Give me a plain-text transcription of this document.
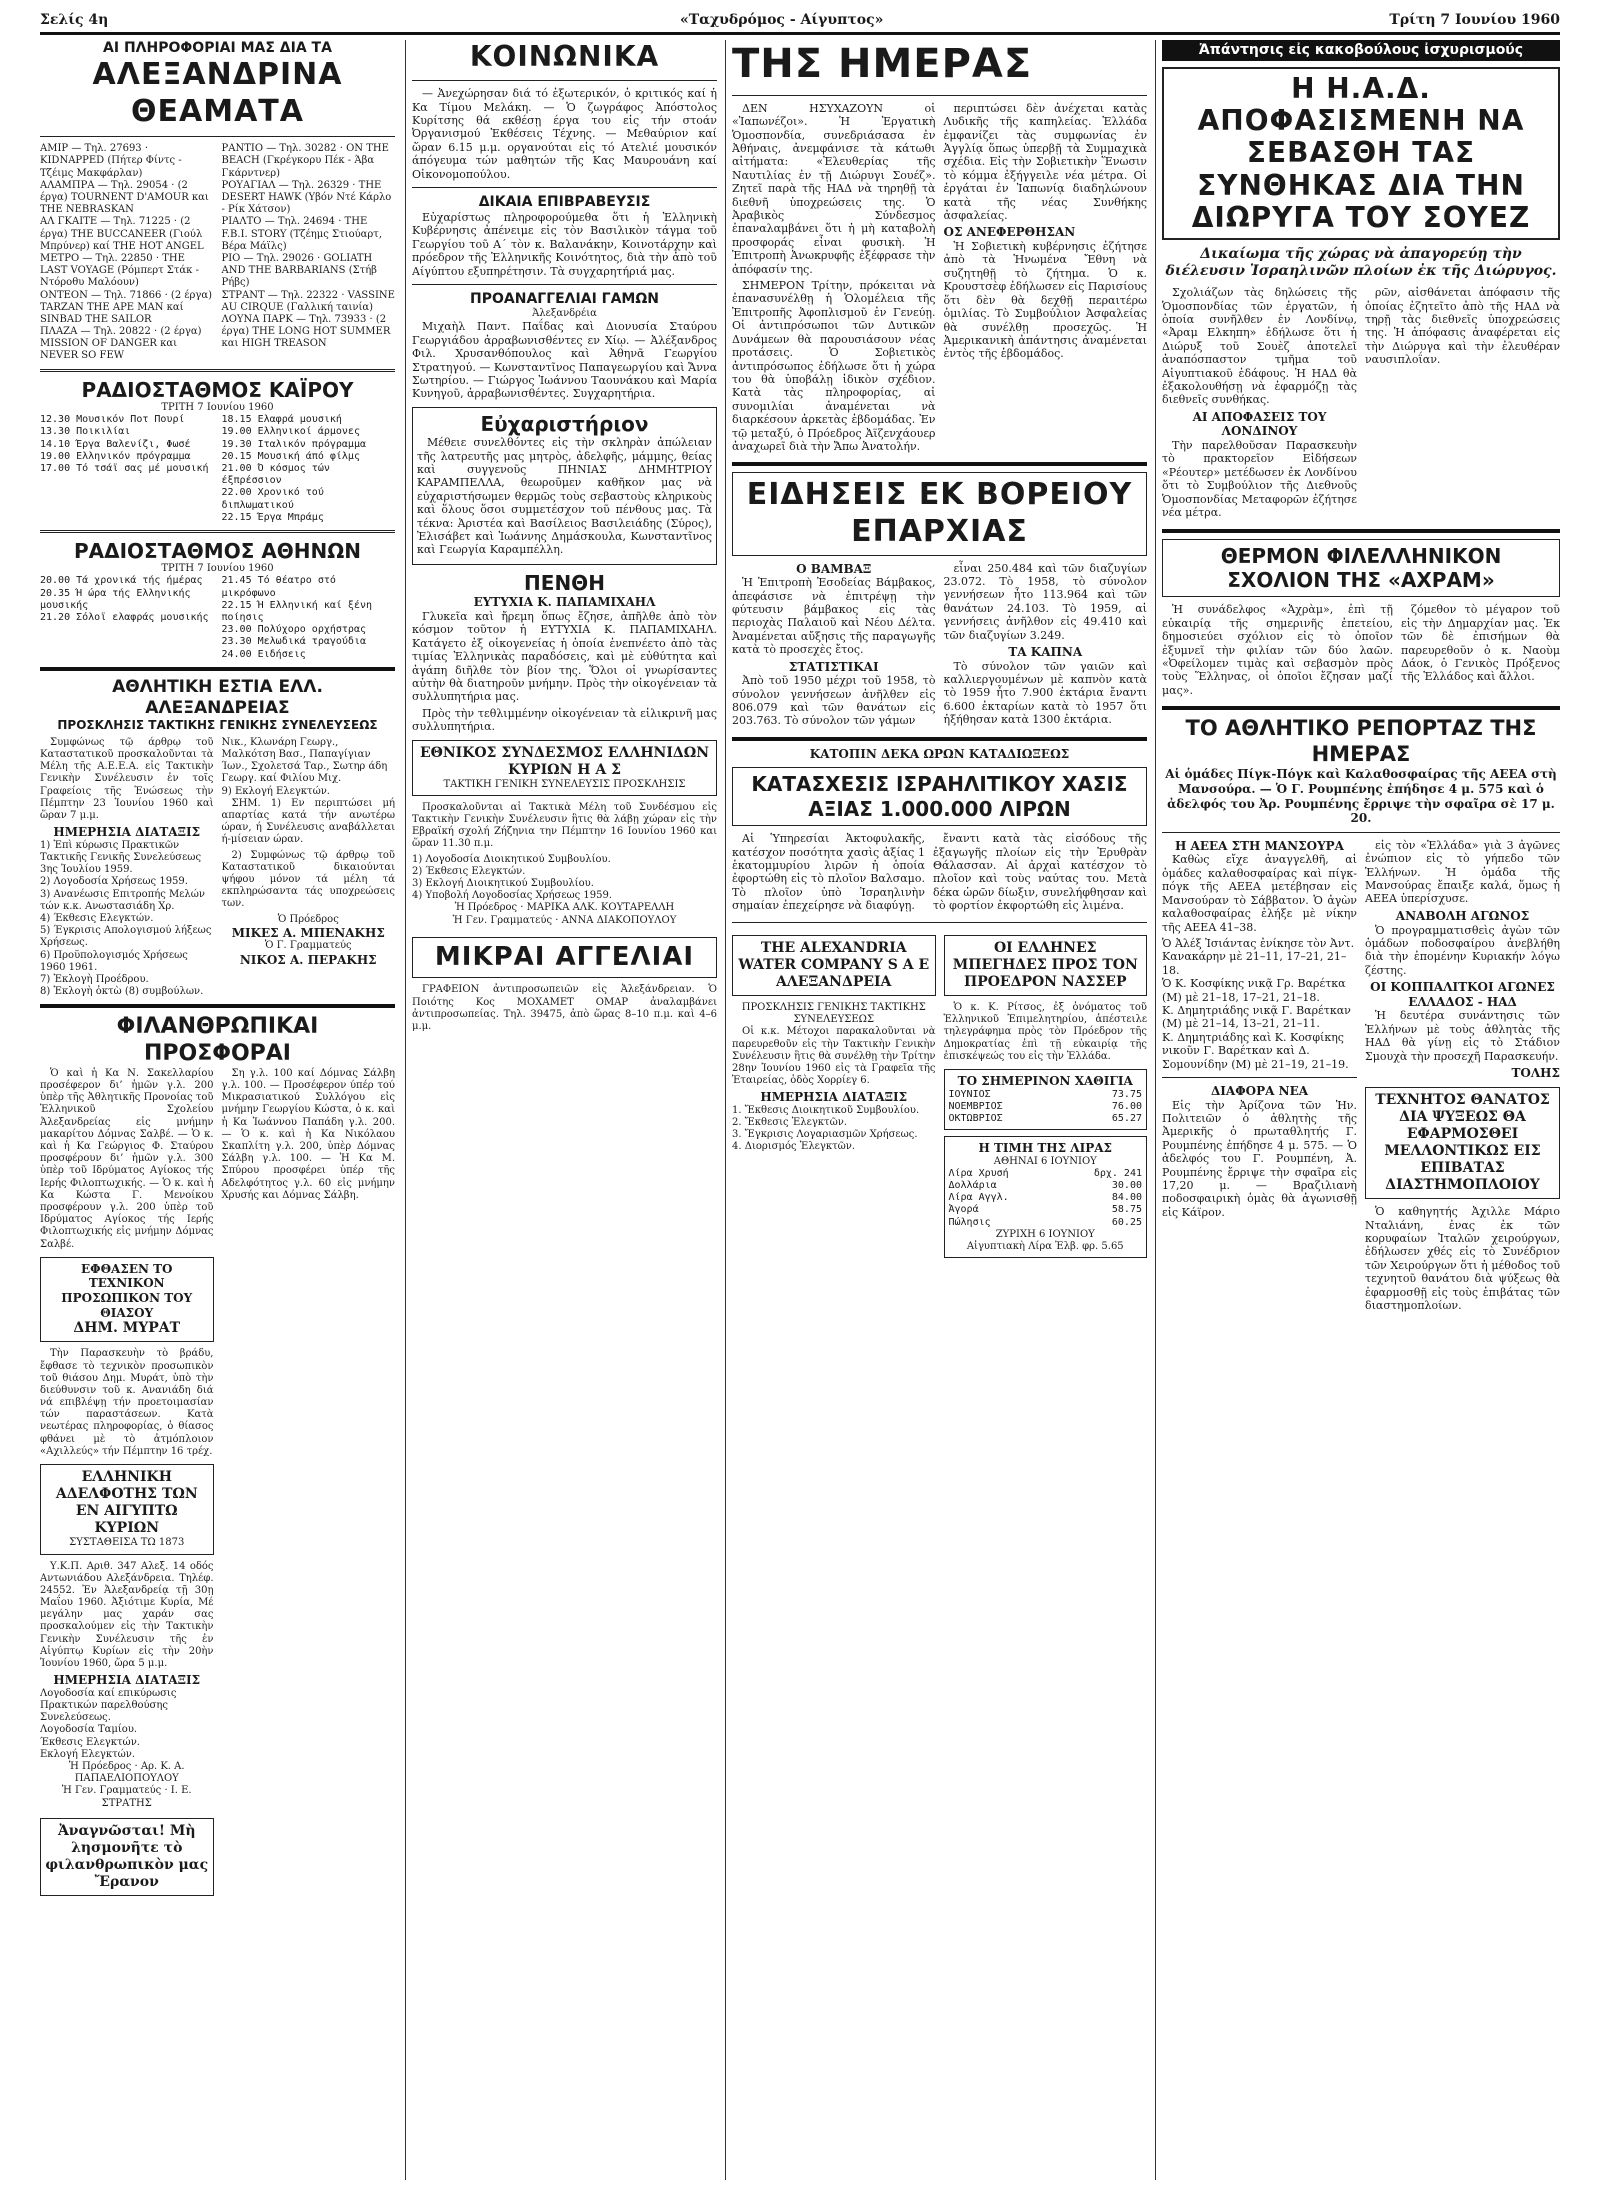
Σελίς 4η	«Ταχυδρόμος - Αίγυπτος»	Τρίτη 7 Ιουνίου 1960
ΑΙ ΠΛΗΡΟΦΟΡΙΑΙ ΜΑΣ ΔΙΑ ΤΑ
ΑΛΕΞΑΝΔΡΙΝΑ ΘΕΑΜΑΤΑ
ΑΜΙΡ — Τηλ. 27693 · KIDNAPPED (Πήτερ Φίντς - Τζέιμς Μακφάρλαν)
ΑΛΑΜΠΡΑ — Τηλ. 29054 · (2 έργα) TOURNENT D'AMOUR και THE NEBRASKAN
ΑΛ ΓΚΑΙΤΕ — Τηλ. 71225 · (2 έργα) THE BUCCANEER (Γιούλ Μπρύνερ) καί THE HOT ANGEL
ΜΕΤΡΟ — Τηλ. 22850 · THE LAST VOYAGE (Ρόμπερτ Στάκ - Ντόροθυ Μαλόουν)
ΟΝΤΕΟΝ — Τηλ. 71866 · (2 έργα) TARZAN THE APE MAN καί SINBAD THE SAILOR
ΠΛΑΖΑ — Τηλ. 20822 · (2 έργα) MISSION OF DANGER και NEVER SO FEW
ΡΑΝΤΙΟ — Τηλ. 30282 · ON THE BEACH (Γκρέγκορυ Πέκ - Άβα Γκάρντνερ)
ΡΟΥΑΓΙΑΛ — Τηλ. 26329 · THE DESERT HAWK (Υβόν Ντέ Κάρλο - Ρίκ Χάτσον)
ΡΙΑΛΤΟ — Τηλ. 24694 · THE F.B.I. STORY (Τζέημς Στιούαρτ, Βέρα Μάϊλς)
ΡΙΟ — Τηλ. 29026 · GOLIATH AND THE BARBARIANS (Στήβ Ρήβς)
ΣΤΡΑΝΤ — Τηλ. 22322 · VASSINE AU CIRQUE (Γαλλική ταινία)
ΛΟΥΝΑ ΠΑΡΚ — Τηλ. 73933 · (2 έργα) THE LONG HOT SUMMER και HIGH TREASON
ΡΑΔΙΟΣΤΑΘΜΟΣ ΚΑΪΡΟΥ
ΤΡΙΤΗ 7 Ιουνίου 1960
12.30 Μουσικόν Ποτ Πουρί
13.30 Ποικιλίαι
14.10 Έργα Βαλενίζι, Φωσέ
19.00 Ελληνικόν πρόγραμμα
17.00 Τό τσάϊ σας μέ μουσική
18.15 Ελαφρά μουσική
19.00 Ελληνικοί άρμονες
19.30 Ιταλικόν πρόγραμμα
20.15 Μουσική άπό φίλμς
21.00 Ό κόσμος τών έξπρέσσιον
22.00 Χρονικό τού διπλωματικού
22.15 Έργα Μπράμς
ΡΑΔΙΟΣΤΑΘΜΟΣ ΑΘΗΝΩΝ
ΤΡΙΤΗ 7 Ιουνίου 1960
20.00 Τά χρονικά τής ήμέρας
20.35 Ή ώρα τής Ελληνικής μουσικής
21.20 Σόλοϊ ελαφράς μουσικής
21.45 Τό θέατρο στό μικρόφωνο
22.15 Ή Ελληνική καί ξένη ποίησις
23.00 Πολύχορο ορχήστρας
23.30 Μελωδικά τραγούδια
24.00 Ειδήσεις
ΑΘΛΗΤΙΚΗ ΕΣΤΙΑ ΕΛΛ. ΑΛΕΞΑΝΔΡΕΙΑΣ
ΠΡΟΣΚΛΗΣΙΣ ΤΑΚΤΙΚΗΣ ΓΕΝΙΚΗΣ ΣΥΝΕΛΕΥΣΕΩΣ

Συμφώνως τῷ άρθρῳ τοῦ Καταστατικοῦ προσκαλοῦνται τὰ Μέλη τῆς Α.Ε.Ε.Α. εἰς Τακτικὴν Γενικὴν Συνέλευσιν ἐν τοῖς Γραφείοις τῆς Ἑνώσεως τὴν Πέμπτην 23 Ἰουνίου 1960 καὶ ὥραν 7 μ.μ.

ΗΜΕΡΗΣΙΑ ΔΙΑΤΑΞΙΣ
1) Ἐπὶ κύρωσις Πρακτικῶν Τακτικῆς Γενικῆς Συνελεύσεως 3ης Ἰουλίου 1959.
2) Λογοδοσία Χρήσεως 1959.
3) Ανανέωσις Επιτροπής Μελών τών κ.κ. Ανωστασιάδη Χρ.
4) Έκθεσις Ελεγκτών.
5) Έγκρισις Απολογισμού λήξεως Χρήσεως.
6) Προϋπολογισμός Χρήσεως 1960 1961.
7) Ἐκλογὴ Προέδρου.
8) Ἐκλογὴ ὀκτὼ (8) συμβούλων.
Νικ., Κλωνάρη Γεωργ., Μαλκότση Βασ., Παπαγίγιαν Ίων., Σχολετσά Ταρ., Σωτηρ άδη Γεωργ. καί Φιλίου Μιχ.
9) Εκλογή Ελεγκτών.

ΣΗΜ. 1) Εν περιπτώσει μή απαρτίας κατά τήν ανωτέρω ώραν, ή Συνέλευσις αναβάλλεται ή-μίσειαν ώραν.

2) Συμφώνως τῷ άρθρῳ τοῦ Καταστατικοῦ δικαιούνται ψήφου μόνον τά μέλη τά εκπληρώσαντα τάς υποχρεώσεις των.

Ὁ Πρόεδρος
ΜΙΚΕΣ Α. ΜΠΕΝΑΚΗΣ
Ὁ Γ. Γραμματεύς
ΝΙΚΟΣ Α. ΠΕΡΑΚΗΣ
ΦΙΛΑΝΘΡΩΠΙΚΑΙ ΠΡΟΣΦΟΡΑΙ

Ὁ καὶ ἡ Κα Ν. Σακελλαρίου προσέφερον δι’ ἡμῶν γ.λ. 200 ὑπὲρ τῆς Ἀθλητικῆς Προνοίας τοῦ Ἑλληνικοῦ Σχολείου Ἀλεξανδρείας εἰς μνήμην μακαρίτου Δόμνας Σαλβέ. — Ὁ κ. καὶ ἡ Κα Γεώργιος Φ. Σταύρου προσφέρουν δι’ ἡμῶν γ.λ. 300 ὑπὲρ τοῦ Ιδρύματος Αγίοκος τής Ιερής Φιλοπτωχικής. — Ὁ κ. καὶ ἡ Κα Κώστα Γ. Μενοίκου προσφέρουν γ.λ. 200 ὑπὲρ τοῦ Ιδρύματος Αγίοκος τής Ιερής Φιλοπτωχικής εἰς μνήμην Δόμνας Σαλβέ.

ΕΦΘΑΣΕΝ ΤΟ ΤΕΧΝΙΚΟΝ ΠΡΟΣΩΠΙΚΟΝ ΤΟΥ ΘΙΑΣΟΥ
ΔΗΜ. ΜΥΡΑΤ

Τὴν Παρασκευὴν τὸ βράδυ, ἔφθασε τὸ τεχνικὸν προσωπικὸν τοῦ θιάσου Δημ. Μυράτ, ὑπὸ τὴν διεύθυνσιν τοῦ κ. Ανανιάδη διά νά επιβλέψῃ τήν προετοιμασίαν τών παραστάσεων. Κατὰ νεωτέρας πληροφορίας, ὁ θίασος φθάνει μὲ τὸ ἀτμόπλοιον «Αχιλλεύς» τήν Πέμπτην 16 τρέχ.

ΕΛΛΗΝΙΚΗ ΑΔΕΛΦΟΤΗΣ ΤΩΝ ΕΝ ΑΙΓΥΠΤΩ ΚΥΡΙΩΝ
ΣΥΣΤΑΘΕΙΣΑ ΤΩ 1873

Υ.Κ.Π. Αριθ. 347 Αλεξ. 14 οδός Αντωνιάδου Αλεξάνδρεια. Τηλέφ. 24552. Ἐν Ἀλεξανδρείᾳ τῇ 30ῃ Μαΐου 1960. Ἀξιότιμε Κυρία, Μέ μεγάλην μας χαράν σας προσκαλούμεν εἰς τὴν Τακτικὴν Γενικὴν Συνέλευσιν τῆς ἐν Αἰγύπτῳ Κυρίων εἰς τὴν 20ὴν Ἰουνίου 1960, ὥρα 5 μ.μ.

ΗΜΕΡΗΣΙΑ ΔΙΑΤΑΞΙΣ
Λογοδοσία καί επικύρωσις Πρακτικών παρελθούσης Συνελεύσεως.
Λογοδοσία Ταμίου.
Έκθεσις Ελεγκτών.
Εκλογή Ελεγκτών.
Ἡ Πρόεδρος · Αρ. Κ. Α. ΠΑΠΑΕΛΙΟΠΟΥΛΟΥ
Ἡ Γεν. Γραμματεύς · Ι. Ε. ΣΤΡΑΤΗΣ
Ἀναγνῶσται! Μὴ λησμονῆτε τὸ φιλανθρωπικὸν μας Ἔρανον

Ση γ.λ. 100 καί Δόμνας Σάλβη γ.λ. 100. — Προσέφερον ύπέρ τού Μικρασιατικού Συλλόγου εἰς μνήμην Γεωργίου Κώστα, ὁ κ. καὶ ἡ Κα Ἰωάννου Παπάδη γ.λ. 200. — Ὁ κ. καὶ ἡ Κα Νικόλαου Σκαπλίτη γ.λ. 200, ὑπὲρ Δόμνας Σάλβη γ.λ. 100. — Ἡ Κα Μ. Σπύρου προσφέρει ὑπέρ τῆς Αδελφότητος γ.λ. 60 εἰς μνήμην Χρυσής και Δόμνας Σάλβη.

ΚΟΙΝΩΝΙΚΑ

— Ἀνεχώρησαν διά τό ἐξωτερικόν, ὁ κριτικός καί ἡ Κα Τίμου Μελάκη. — Ὁ ζωγράφος Ἀπόστολος Κυρίτσης θά εκθέσῃ έργα του εἰς τήν στοάν Ὀργανισμού Ἐκθέσεις Τέχνης. — Μεθαύριον καί ὥραν 6.15 μ.μ. οργανούται εἰς τό Ατελιέ μουσικόν άπόγευμα τών μαθητών τῆς Κας Μαυρουάνη καί Οἰκονομοπούλου.

ΔΙΚΑΙΑ ΕΠΙΒΡΑΒΕΥΣΙΣ

Εὐχαρίστως πληροφορούμεθα ὅτι ἡ Ἑλληνικὴ Κυβέρνησις ἀπένειμε εἰς τὸν Βασιλικὸν τάγμα τοῦ Γεωργίου τοῦ Α΄ τὸν κ. Βαλανάκην, Κοινοτάρχην καὶ πρόεδρον τῆς Ἑλληνικῆς Κοινότητος, διὰ τὴν ἀπὸ τοῦ Αίγύπτου εξυπηρέτησιν. Τὰ συγχαρητήριά μας.

ΠΡΟΑΝΑΓΓΕΛΙΑΙ ΓΑΜΩΝ
Ἀλεξανδρέια

Μιχαὴλ Παντ. Παΐδας καὶ Διονυσία Σταύρου Γεωργιάδου ἀρραβωνισθέντες εν Χίῳ. — Ἀλέξανδρος Φιλ. Χρυσανθόπουλος καὶ Ἀθηνᾶ Γεωργίου Στρατηγού. — Κωνσταντῖνος Παπαγεωργίου καὶ Ἄννα Σωτηρίου. — Γιώργος Ἰωάννου Ταουνάκου καὶ Μαρία Κυνηγοῦ, ἀρραβωνισθέντες. Συγχαρητήρια.

Εὐχαριστήριον

Μέθειε συνελθόντες εἰς τὴν σκληρὰν ἀπώλειαν τῆς λατρευτῆς μας μητρὸς, ἀδελφῆς, μάμμης, θείας καὶ συγγενοῦς ΠΗΝΙΑΣ ΔΗΜΗΤΡΙΟΥ ΚΑΡΑΜΠΕΛΛΑ, θεωροῦμεν καθῆκον μας νὰ εὐχαριστήσωμεν θερμῶς τοὺς σεβαστοὺς κληρικοὺς καὶ ὅλους ὅσοι συμμετέσχον τοῦ πένθους μας. Τὰ τέκνα: Ἀριστέα καὶ Βασίλειος Βασιλειάδης (Σύρος), Ἐλισάβετ καὶ Ἰωάννης Δημάσκουλα, Κωνσταντῖνος καὶ Γεωργία Καραμπέλλη.

ΠΕΝΘΗ
ΕΥΤΥΧΙΑ Κ. ΠΑΠΑΜΙΧΑΗΛ

Γλυκεῖα καὶ ἤρεμη ὅπως ἔζησε, ἀπῆλθε ἀπὸ τὸν κόσμον τοῦτον ἡ ΕΥΤΥΧΙΑ Κ. ΠΑΠΑΜΙΧΑΗΛ. Κατάγετο ἐξ οἰκογενείας ἡ ὁποία ἐνεπνέετο ἀπὸ τὰς τιμίας Ἑλληνικὰς παραδόσεις, καὶ μὲ εὐθύτητα καὶ ἀγάπη διῆλθε τὸν βίον της. Ὅλοι οἱ γνωρίσαντες αὐτὴν θὰ διατηροῦν μνήμην. Πρὸς τὴν οἰκογένειαν τὰ συλλυπητήρια μας.

Πρὸς τὴν τεθλιμμένην οἰκογένειαν τὰ εἰλικρινῆ μας συλλυπητήρια.

ΕΘΝΙΚΟΣ ΣΥΝΔΕΣΜΟΣ ΕΛΛΗΝΙΔΩΝ ΚΥΡΙΩΝ Η Α Σ
ΤΑΚΤΙΚΗ ΓΕΝΙΚΗ ΣΥΝΕΛΕΥΣΙΣ ΠΡΟΣΚΛΗΣΙΣ

Προσκαλοῦνται αἱ Τακτικὰ Μέλη τοῦ Συνδέσμου εἰς Τακτικὴν Γενικὴν Συνέλευσιν ἣτις θὰ λάβῃ χώραν εἰς τὴν Εβραϊκή σχολή Ζήζηνια την Πέμπτην 16 Ιουνίου 1960 και ὥραν 11.30 π.μ.

1) Λογοδοσία Διοικητικού Συμβουλίου.
2) Έκθεσις Ελεγκτών.
3) Εκλογή Διοικητικού Συμβουλίου.
4) Υποβολή Λογοδοσίας Χρήσεως 1959.
Ἡ Πρόεδρος · ΜΑΡΙΚΑ ΑΛΚ. ΚΟΥΤΑΡΕΛΛΗ
Ἡ Γεν. Γραμματεύς · ΑΝΝΑ ΔΙΑΚΟΠΟΥΛΟΥ
ΜΙΚΡΑΙ ΑΓΓΕΛΙΑΙ

ΓΡΑΦΕΙΟΝ ἀντιπροσωπειῶν εἰς Ἀλεξάνδρειαν. Ὁ Ποιότης Κος ΜΟΧΑΜΕΤ ΟΜΑΡ ἀναλαμβάνει ἀντιπροσωπείας. Τηλ. 39475, ἀπὸ ὥρας 8–10 π.μ. καὶ 4–6 μ.μ.

ΤΗΣ ΗΜΕΡΑΣ

ΔΕΝ ΗΣΥΧΑΖΟΥΝ οἱ «Ἱαπωνέζοι». Ἡ Ἐργατικὴ Ὁμοσπονδία, συνεδριάσασα ἐν Ἀθήναις, ἀνεμφάνισε τὰ κάτωθι αἰτήματα: «Ἐλευθερίας τῆς Ναυτιλίας ἐν τῇ Διώρυγι Σουέζ». Ζητεῖ παρὰ τῆς ΗΑΔ νὰ τηρηθῇ τὰ διεθνῆ ὑποχρεώσεις της. Ὁ Ἀραβικὸς Σύνδεσμος ἐπαναλαμβάνει ὅτι ἡ μὴ καταβολὴ προσφοράς εἶναι φυσικὴ. Ἡ Ἐπιτροπὴ Ἀνωκρυφῆς ἐξέφρασε τὴν ἀπόφασίν της.

ΣΗΜΕΡΟΝ Τρίτην, πρόκειται νὰ ἐπανασυνέλθῃ ἡ Ὁλομέλεια τῆς Ἐπιτροπῆς Ἀφοπλισμοῦ ἐν Γενεύῃ. Οἱ ἀντιπρόσωποι τῶν Δυτικῶν Δυνάμεων θὰ παρουσιάσουν νέας προτάσεις. Ὁ Σοβιετικὸς ἀντιπρόσωπος ἐδήλωσε ὅτι ἡ χώρα του θὰ ὑποβάλῃ ἰδικὸν σχέδιον. Κατὰ τὰς πληροφορίας, αἱ συνομιλίαι ἀναμένεται νὰ διαρκέσουν ἀρκετὰς ἑβδομάδας. Ἐν τῷ μεταξύ, ὁ Πρόεδρος Ἀϊζενχάουερ ἀναχωρεῖ διὰ τὴν Ἄπω Ἀνατολήν.

περιπτώσει δὲν ἀνέχεται κατὰς Λυδικῆς τῆς καπηλείας. Ἑλλάδα ἐμφανίζει τὰς συμφωνίας ἐν Ἀγγλίᾳ ὅπως ὑπερβῇ τὰ Συμμαχικὰ σχέδια. Εἰς τὴν Σοβιετικὴν Ἕνωσιν τὸ κόμμα ἐξήγγειλε νέα μέτρα. Οἱ ἐργάται ἐν Ἰαπωνίᾳ διαδηλώνουν κατὰ τῆς νέας Συνθήκης ἀσφαλείας.

ΟΣ ΑΝΕΦΕΡΘΗΣΑΝ

Ἡ Σοβιετικὴ κυβέρνησις ἐζήτησε ἀπὸ τὰ Ἡνωμένα Ἔθνη νὰ συζητηθῇ τὸ ζήτημα. Ὁ κ. Κρουστσὲφ ἐδήλωσεν εἰς Παρισίους ὅτι δὲν θὰ δεχθῇ περαιτέρω ὁμιλίας. Τὸ Συμβούλιον Ἀσφαλείας θὰ συνέλθῃ προσεχῶς. Ἡ Ἀμερικανικὴ ἀπάντησις ἀναμένεται ἐντὸς τῆς ἑβδομάδος.

ΕΙΔΗΣΕΙΣ ΕΚ ΒΟΡΕΙΟΥ ΕΠΑΡΧΙΑΣ
Ο ΒΑΜΒΑΞ

Ἡ Ἐπιτροπὴ Ἐσοδείας Βάμβακος, ἀπεφάσισε νὰ ἐπιτρέψῃ τὴν φύτευσιν βάμβακος εἰς τὰς περιοχὰς Παλαιοῦ καὶ Νέου Δέλτα. Ἀναμένεται αὔξησις τῆς παραγωγῆς κατὰ τὸ προσεχὲς ἔτος.

ΣΤΑΤΙΣΤΙΚΑΙ

Ἀπὸ τοῦ 1950 μέχρι τοῦ 1958, τὸ σύνολον γεννήσεων ἀνῆλθεν εἰς 806.079 καὶ τῶν θανάτων εἰς 203.763. Τὸ σύνολον τῶν γάμων

εἶναι 250.484 καὶ τῶν διαζυγίων 23.072. Τὸ 1958, τὸ σύνολον γεννήσεων ἦτο 113.964 καὶ τῶν θανάτων 24.103. Τὸ 1959, αἱ γεννήσεις ἀνῆλθον εἰς 49.410 καὶ τῶν διαζυγίων 3.249.

ΤΑ ΚΑΠΝΑ

Τὸ σύνολον τῶν γαιῶν καὶ καλλιεργουμένων μὲ καπνὸν κατὰ τὸ 1959 ἦτο 7.900 ἐκτάρια ἔναντι 6.600 ἐκταρίων κατὰ τὸ 1957 ὅτι ἠξήθησαν κατὰ 1300 ἐκτάρια.

ΚΑΤΟΠΙΝ ΔΕΚΑ ΩΡΩΝ ΚΑΤΑΔΙΩΞΕΩΣ
ΚΑΤΑΣΧΕΣΙΣ ΙΣΡΑΗΛΙΤΙΚΟΥ ΧΑΣΙΣ ΑΞΙΑΣ 1.000.000 ΛΙΡΩΝ

Αἱ Ὑπηρεσίαι Ἀκτοφυλακῆς, κατέσχον ποσότητα χασὶς ἀξίας 1 ἑκατομμυρίου λιρῶν ἡ ὁποία ἐφορτώθη εἰς τὸ πλοῖον Βαλσαμο. Τὸ πλοῖον ὑπὸ Ἰσραηλινὴν σημαίαν ἐπεχείρησε νὰ διαφύγῃ.

ἔναντι κατὰ τὰς εἰσόδους τῆς ἐξαγωγῆς πλοίων εἰς τὴν Ἐρυθρὰν Θάλασσαν. Αἱ ἀρχαὶ κατέσχον τὸ πλοῖον καὶ τοὺς ναύτας του. Μετὰ δέκα ὡρῶν δίωξιν, συνελήφθησαν καὶ τὸ φορτίον ἐκφορτώθη εἰς λιμένα.

THE ALEXANDRIA WATER COMPANY S A E ΑΛΕΞΑΝΔΡΕΙΑ
ΠΡΟΣΚΛΗΣΙΣ ΓΕΝΙΚΗΣ ΤΑΚΤΙΚΗΣ ΣΥΝΕΛΕΥΣΕΩΣ

Οἱ κ.κ. Μέτοχοι παρακαλοῦνται νὰ παρευρεθοῦν εἰς τὴν Τακτικὴν Γενικὴν Συνέλευσιν ἣτις θὰ συνέλθῃ τὴν Τρίτην 28ην Ἰουνίου 1960 εἰς τὰ Γραφεῖα τῆς Ἑταιρείας, ὁδὸς Χορρίεγ 6.

ΗΜΕΡΗΣΙΑ ΔΙΑΤΑΞΙΣ
1. Ἔκθεσις Διοικητικοῦ Συμβουλίου.
2. Ἔκθεσις Ἐλεγκτῶν.
3. Ἔγκρισις Λογαριασμῶν Χρήσεως.
4. Διορισμός Ἐλεγκτῶν.
ΟΙ ΕΛΛΗΝΕΣ ΜΠΕΓΗΔΕΣ ΠΡΟΣ ΤΟΝ ΠΡΟΕΔΡΟΝ ΝΑΣΣΕΡ

Ὁ κ. Κ. Ρίτσος, ἐξ ὀνόματος τοῦ Ἑλληνικοῦ Ἐπιμελητηρίου, ἀπέστειλε τηλεγράφημα πρὸς τὸν Πρόεδρον τῆς Δημοκρατίας ἐπὶ τῇ εὐκαιρίᾳ τῆς ἐπισκέψεώς του εἰς τὴν Ἑλλάδα.

ΤΟ ΣΗΜΕΡΙΝΟΝ ΧΑΘΙΓΙΑ
ΙΟΥΝΙΟΣ	73.75
ΝΟΕΜΒΡΙΟΣ	76.00
ΟΚΤΩΒΡΙΟΣ	65.27
Η ΤΙΜΗ ΤΗΣ ΛΙΡΑΣ
ΑΘΗΝΑΙ 6 ΙΟΥΝΙΟΥ
Λίρα Χρυσή	δρχ. 241
Δολλάρια	30.00
Λίρα Αγγλ.	84.00
Ἀγορά	58.75
Πώλησις	60.25
ΖΥΡΙΧΗ 6 ΙΟΥΝΙΟΥ
Αἰγυπτιακὴ Λίρα Ἐλβ. φρ. 5.65
Ἀπάντησις εἰς κακοβούλους ἰσχυρισμούς
Η Η.Α.Δ. ΑΠΟΦΑΣΙΣΜΕΝΗ ΝΑ ΣΕΒΑΣΘΗ ΤΑΣ ΣΥΝΘΗΚΑΣ ΔΙΑ ΤΗΝ ΔΙΩΡΥΓΑ ΤΟΥ ΣΟΥΕΖ
Δικαίωμα τῆς χώρας νὰ ἀπαγορεύῃ τὴν διέλευσιν Ἰσραηλινῶν πλοίων ἐκ τῆς Διώρυγος.

Σχολιάζων τὰς δηλώσεις τῆς Ὁμοσπονδίας τῶν ἐργατῶν, ἡ ὁποία συνῆλθεν ἐν Λονδίνῳ, «Ἀραμ Ελκηπη» ἐδήλωσε ὅτι ἡ Διώρυξ τοῦ Σουὲζ ἀποτελεῖ ἀναπόσπαστον τμῆμα τοῦ Αἰγυπτιακοῦ ἐδάφους. Ἡ ΗΑΔ θὰ ἐξακολουθήσῃ νὰ ἐφαρμόζῃ τὰς διεθνεῖς συνθήκας.

ΑΙ ΑΠΟΦΑΣΕΙΣ ΤΟΥ ΛΟΝΔΙΝΟΥ

Τὴν παρελθοῦσαν Παρασκευὴν τὸ πρακτορεῖον Εἰδήσεων «Ρέουτερ» μετέδωσεν ἐκ Λονδίνου ὅτι τὸ Συμβούλιον τῆς Διεθνοῦς Ὁμοσπονδίας Μεταφορῶν ἐζήτησε νέα μέτρα.

ρῶν, αἰσθάνεται ἀπόφασιν τῆς ὁποίας ἐζητεῖτο ἀπὸ τῆς ΗΑΔ νὰ τηρῇ τὰς διεθνεῖς ὑποχρεώσεις της. Ἡ ἀπόφασις ἀναφέρεται εἰς τὴν Διώρυγα καὶ τὴν ἐλευθέραν ναυσιπλοΐαν.

ΘΕΡΜΟΝ ΦΙΛΕΛΛΗΝΙΚΟΝ ΣΧΟΛΙΟΝ ΤΗΣ «ΑΧΡΑΜ»

Ἡ συνάδελφος «Ἀχρὰμ», ἐπὶ τῇ εὐκαιρίᾳ τῆς σημερινῆς ἐπετείου, δημοσιεύει σχόλιον εἰς τὸ ὁποῖον ἐξυμνεῖ τὴν φιλίαν τῶν δύο λαῶν. «Ὀφείλομεν τιμὰς καὶ σεβασμὸν πρὸς τοὺς Ἕλληνας, οἱ ὁποῖοι ἔζησαν μαζί μας».

ζόμεθον τὸ μέγαρον τοῦ εἰς τὴν Δημαρχίαν μας. Ἐκ τῶν δὲ ἐπισήμων θὰ παρευρεθοῦν ὁ κ. Ναοὺμ Δάοκ, ὁ Γενικὸς Πρόξενος τῆς Ἑλλάδος καὶ ἄλλοι.

ΤΟ ΑΘΛΗΤΙΚΟ ΡΕΠΟΡΤΑΖ ΤΗΣ ΗΜΕΡΑΣ
Αἱ ὁμάδες Πίγκ-Πόγκ καὶ Καλαθοσφαίρας τῆς ΑΕΕΑ στὴ Μανσούρα. — Ὁ Γ. Ρουμπένης ἐπήδησε 4 μ. 575 καὶ ὁ ἀδελφός του Ἀρ. Ρουμπένης ἔρριψε τὴν σφαῖρα σὲ 17 μ. 20.
Η ΑΕΕΑ ΣΤΗ ΜΑΝΣΟΥΡΑ

Καθὼς εἴχε ἀναγγελθῆ, αἱ ὁμάδες καλαθοσφαίρας καὶ πίγκ-πόγκ τῆς ΑΕΕΑ μετέβησαν εἰς Μανσούραν τὸ Σάββατον. Ὁ ἀγὼν καλαθοσφαίρας ἐλήξε μὲ νίκην τῆς ΑΕΕΑ 41–38.

Ὁ Ἀλέξ Ἰσιάντας ἐνίκησε τὸν Ἀντ. Κανακάρην μὲ 21–11, 17–21, 21–18.
Ὁ Κ. Κοσφίκης νικᾷ Γρ. Βαρέτκα (Μ) μὲ 21–18, 17–21, 21–18.
Κ. Δημητριάδης νικᾷ Γ. Βαρέτκαν (Μ) μὲ 21–14, 13–21, 21–11.
Κ. Δημητριάδης καὶ Κ. Κοσφίκης νικοῦν Γ. Βαρέτκαν καὶ Δ. Σομουνίδην (Μ) μὲ 21–19, 21–19.
ΔΙΑΦΟΡΑ ΝΕΑ

Εἰς τὴν Ἀρίζονα τῶν Ἡν. Πολιτειῶν ὁ ἀθλητὴς τῆς Ἀμερικῆς ὁ πρωταθλητής Γ. Ρουμπένης ἐπήδησε 4 μ. 575. — Ὁ ἀδελφός του Γ. Ρουμπένη, Ἀ. Ρουμπένης ἔρριψε τὴν σφαῖρα εἰς 17,20 μ. — Βραζιλιανὴ ποδοσφαιρικὴ ὁμὰς θὰ ἀγωνισθῇ εἰς Κάϊρον.

εἰς τὸν «Ἑλλάδα» γιὰ 3 ἀγῶνες ἐνώπιον εἰς τὸ γήπεδο τῶν Ἑλλήνων. Ἡ ὁμάδα τῆς Μανσούρας ἔπαιξε καλά, ὅμως ἡ ΑΕΕΑ ὑπερίσχυσε.

ΑΝΑΒΟΛΗ ΑΓΩΝΟΣ

Ὁ προγραμματισθεὶς ἀγὼν τῶν ὁμάδων ποδοσφαίρου ἀνεβλήθη διὰ τὴν ἐπομένην Κυριακήν λόγω ζέστης.

ΟΙ ΚΟΠΠΑΛΙΤΚΟΙ ΑΓΩΝΕΣ ΕΛΛΑΔΟΣ - ΗΑΔ

Ἡ δευτέρα συνάντησις τῶν Ἑλλήνων μὲ τοὺς ἀθλητὰς τῆς ΗΑΔ θὰ γίνῃ εἰς τὸ Στάδιον Σμουχὰ τὴν προσεχῆ Παρασκευήν.

ΤΟΛΗΣ
ΤΕΧΝΗΤΟΣ ΘΑΝΑΤΟΣ ΔΙΑ ΨΥΞΕΩΣ ΘΑ ΕΦΑΡΜΟΣΘΕΙ ΜΕΛΛΟΝΤΙΚΩΣ ΕΙΣ ΕΠΙΒΑΤΑΣ ΔΙΑΣΤΗΜΟΠΛΟΙΟΥ

Ὁ καθηγητής Ἀχιλλε Μάριο Νταλιάνη, ἐνας ἐκ τῶν κορυφαίων Ἰταλῶν χειρούργων, ἐδήλωσεν χθές εἰς τὸ Συνέδριον τῶν Χειρούργων ὅτι ἡ μέθοδος τοῦ τεχνητοῦ θανάτου διὰ ψύξεως θὰ ἐφαρμοσθῇ εἰς τοὺς ἐπιβάτας τῶν διαστημοπλοίων.
